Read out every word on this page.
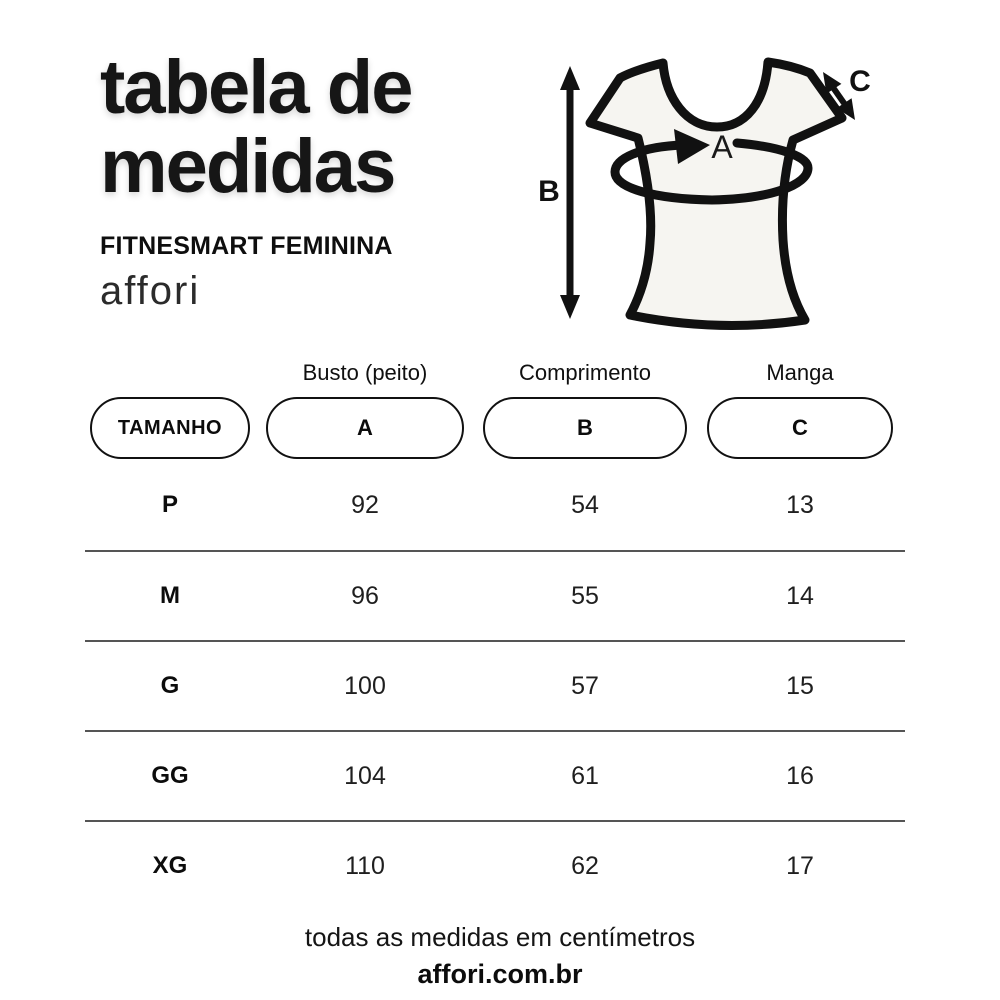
tabela de
medidas
FITNESMART FEMININA
affori
B
C
A
Busto (peito)	Comprimento	Manga
TAMANHO	A	B	C
P	92	54	13
M	96	55	14
G	100	57	15
GG	104	61	16
XG	110	62	17
todas as medidas em centímetros
affori.com.br
